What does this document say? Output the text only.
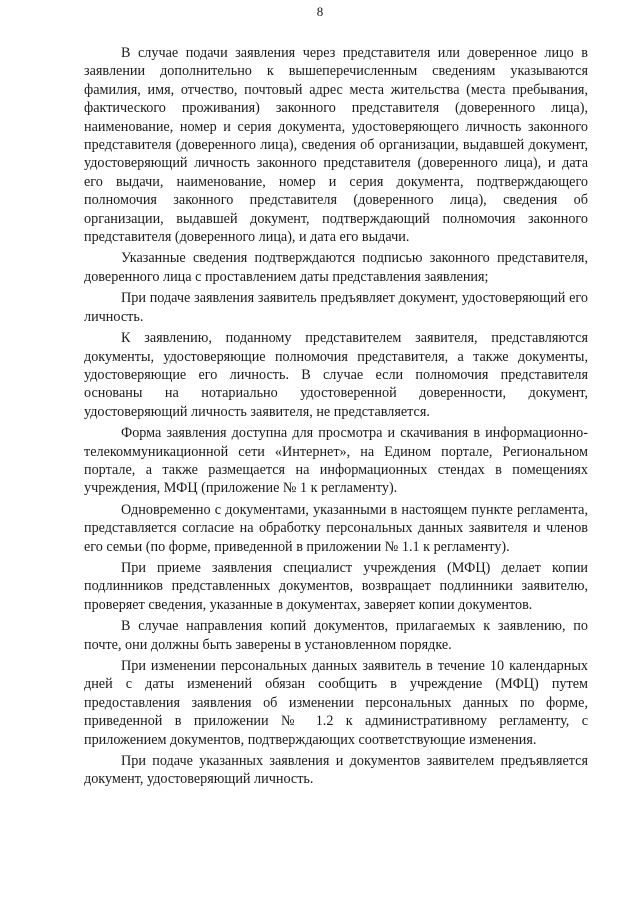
8

В случае подачи заявления через представителя или доверенное лицо в заявлении дополнительно к вышеперечисленным сведениям указываются фамилия, имя, отчество, почтовый адрес места жительства (места пребывания, фактического проживания) законного представителя (доверенного лица), наименование, номер и серия документа, удостоверяющего личность законного представителя (доверенного лица), сведения об организации, выдавшей документ, удостоверяющий личность законного представителя (доверенного лица), и дата его выдачи, наименование, номер и серия документа, подтверждающего полномочия законного представителя (доверенного лица), сведения об организации, выдавшей документ, подтверждающий полномочия законного представителя (доверенного лица), и дата его выдачи.

Указанные сведения подтверждаются подписью законного представителя, доверенного лица с проставлением даты представления заявления;

При подаче заявления заявитель предъявляет документ, удостоверяющий его личность.

К заявлению, поданному представителем заявителя, представляются документы, удостоверяющие полномочия представителя, а также документы, удостоверяющие его личность. В случае если полномочия представителя основаны на нотариально удостоверенной доверенности, документ, удостоверяющий личность заявителя, не представляется.

Форма заявления доступна для просмотра и скачивания в информационно-телекоммуникационной сети «Интернет», на Едином портале, Региональном портале, а также размещается на информационных стендах в помещениях учреждения, МФЦ (приложение № 1 к регламенту).

Одновременно с документами, указанными в настоящем пункте регламента, представляется согласие на обработку персональных данных заявителя и членов его семьи (по форме, приведенной в приложении № 1.1 к регламенту).

При приеме заявления специалист учреждения (МФЦ) делает копии подлинников представленных документов, возвращает подлинники заявителю, проверяет сведения, указанные в документах, заверяет копии документов.

В случае направления копий документов, прилагаемых к заявлению, по почте, они должны быть заверены в установленном порядке.

При изменении персональных данных заявитель в течение 10 календарных дней с даты изменений обязан сообщить в учреждение (МФЦ) путем предоставления заявления об изменении персональных данных по форме, приведенной в приложении № 1.2 к административному регламенту, с приложением документов, подтверждающих соответствующие изменения.

При подаче указанных заявления и документов заявителем предъявляется документ, удостоверяющий личность.
